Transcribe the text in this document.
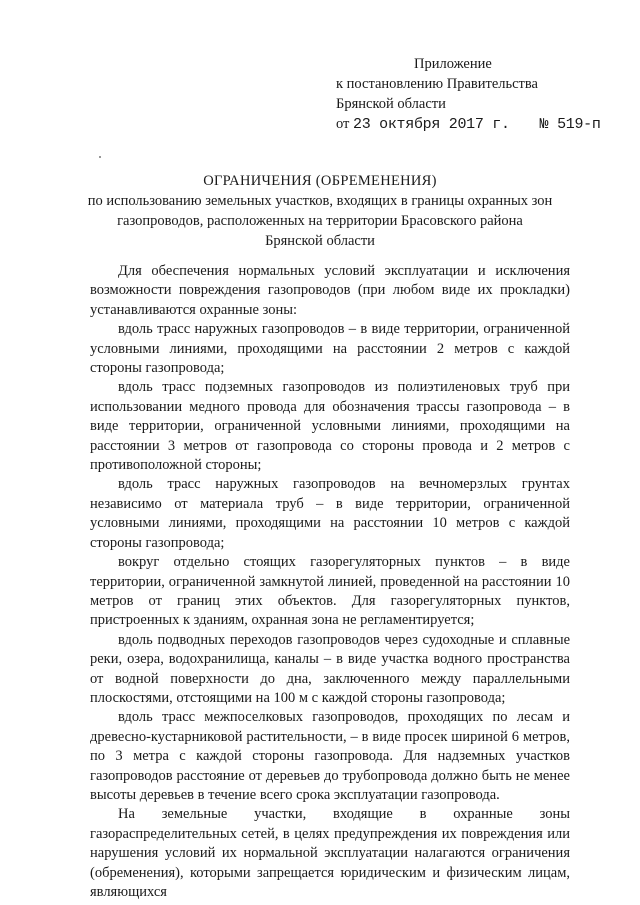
Приложение
к постановлению Правительства
Брянской области
от
23 октября 2017 г. № 519-п
ОГРАНИЧЕНИЯ (ОБРЕМЕНЕНИЯ)
по использованию земельных участков, входящих в границы охранных зон
газопроводов, расположенных на территории Брасовского района
Брянской области

Для обеспечения нормальных условий эксплуатации и исключения возможности повреждения газопроводов (при любом виде их прокладки) устанавливаются охранные зоны:

вдоль трасс наружных газопроводов – в виде территории, ограниченной условными линиями, проходящими на расстоянии 2 метров с каждой стороны газопровода;

вдоль трасс подземных газопроводов из полиэтиленовых труб при использовании медного провода для обозначения трассы газопровода – в виде территории, ограниченной условными линиями, проходящими на расстоянии 3 метров от газопровода со стороны провода и 2 метров с противоположной стороны;

вдоль трасс наружных газопроводов на вечномерзлых грунтах независимо от материала труб – в виде территории, ограниченной условными линиями, проходящими на расстоянии 10 метров с каждой стороны газопровода;

вокруг отдельно стоящих газорегуляторных пунктов – в виде территории, ограниченной замкнутой линией, проведенной на расстоянии 10 метров от границ этих объектов. Для газорегуляторных пунктов, пристроенных к зданиям, охранная зона не регламентируется;

вдоль подводных переходов газопроводов через судоходные и сплавные реки, озера, водохранилища, каналы – в виде участка водного пространства от водной поверхности до дна, заключенного между параллельными плоскостями, отстоящими на 100 м с каждой стороны газопровода;

вдоль трасс межпоселковых газопроводов, проходящих по лесам и древесно-кустарниковой растительности, – в виде просек шириной 6 метров, по 3 метра с каждой стороны газопровода. Для надземных участков газопроводов расстояние от деревьев до трубопровода должно быть не менее высоты деревьев в течение всего срока эксплуатации газопровода.

На земельные участки, входящие в охранные зоны газораспределительных сетей, в целях предупреждения их повреждения или нарушения условий их нормальной эксплуатации налагаются ограничения (обременения), которыми запрещается юридическим и физическим лицам, являющихся
